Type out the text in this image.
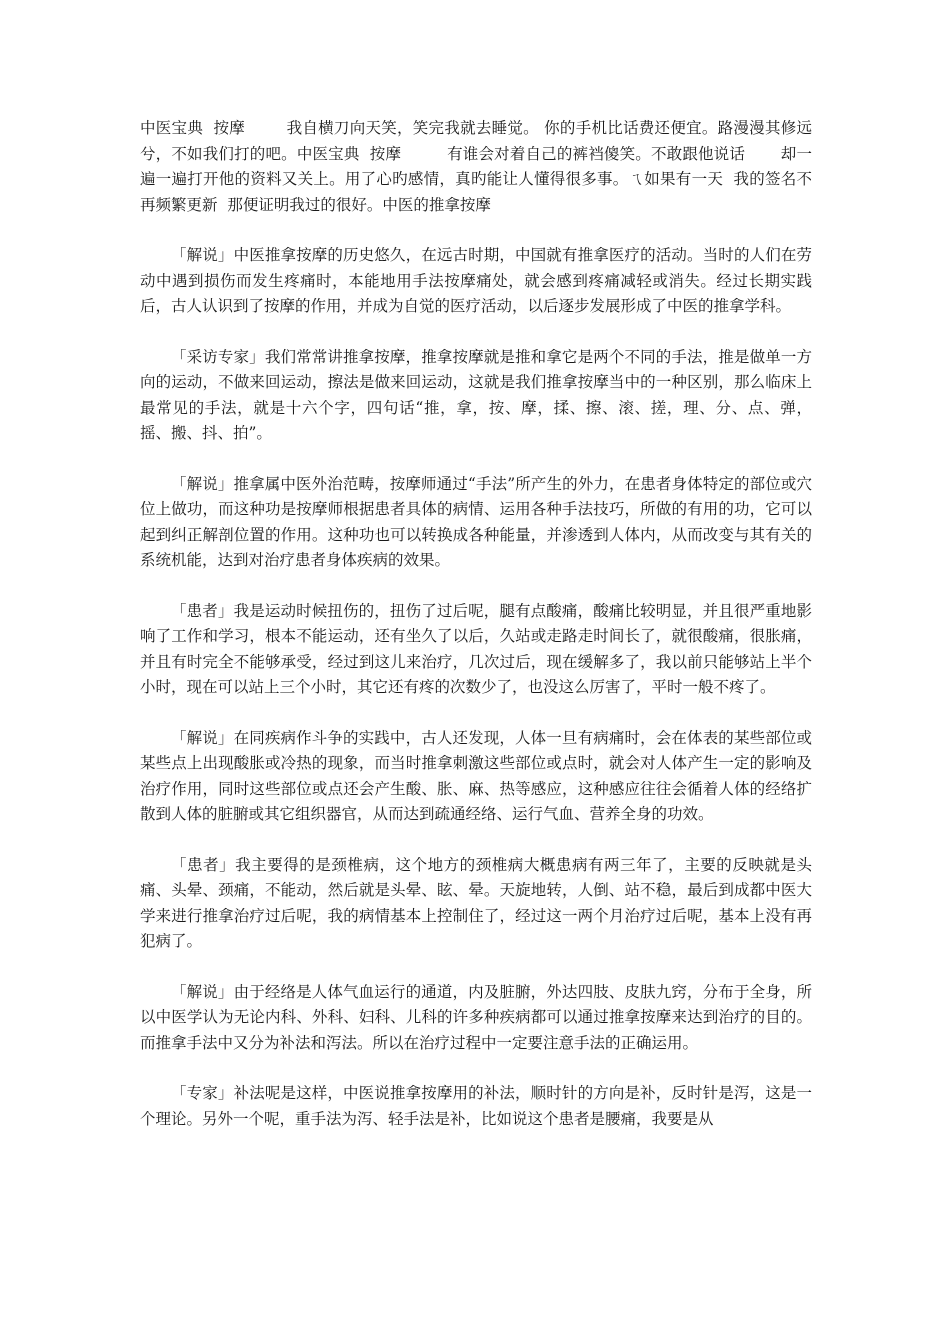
中医宝典  按摩        我自横刀向天笑，笑完我就去睡觉。 你的手机比话费还便宜。路漫漫其修远兮，不如我们打的吧。中医宝典  按摩         有谁会对着自己的裤裆傻笑。不敢跟他说话       却一遍一遍打开他的资料又关上。用了心旳感情，真旳能让人懂得很多事。ㄟ如果有一天  我的签名不再频繁更新  那便证明我过的很好。中医的推拿按摩

「解说」中医推拿按摩的历史悠久，在远古时期，中国就有推拿医疗的活动。当时的人们在劳动中遇到损伤而发生疼痛时，本能地用手法按摩痛处，就会感到疼痛减轻或消失。经过长期实践后，古人认识到了按摩的作用，并成为自觉的医疗活动，以后逐步发展形成了中医的推拿学科。

「采访专家」我们常常讲推拿按摩，推拿按摩就是推和拿它是两个不同的手法，推是做单一方向的运动，不做来回运动，擦法是做来回运动，这就是我们推拿按摩当中的一种区别，那么临床上最常见的手法，就是十六个字，四句话“推，拿，按、摩，揉、擦、滚、搓，理、分、点、弹，摇、搬、抖、拍”。

「解说」推拿属中医外治范畴，按摩师通过“手法”所产生的外力，在患者身体特定的部位或穴位上做功，而这种功是按摩师根据患者具体的病情、运用各种手法技巧，所做的有用的功，它可以起到纠正解剖位置的作用。这种功也可以转换成各种能量，并渗透到人体内，从而改变与其有关的系统机能，达到对治疗患者身体疾病的效果。

「患者」我是运动时候扭伤的，扭伤了过后呢，腿有点酸痛，酸痛比较明显，并且很严重地影响了工作和学习，根本不能运动，还有坐久了以后，久站或走路走时间长了，就很酸痛，很胀痛，并且有时完全不能够承受，经过到这儿来治疗，几次过后，现在缓解多了，我以前只能够站上半个小时，现在可以站上三个小时，其它还有疼的次数少了，也没这么厉害了，平时一般不疼了。

「解说」在同疾病作斗争的实践中，古人还发现，人体一旦有病痛时，会在体表的某些部位或某些点上出现酸胀或冷热的现象，而当时推拿刺激这些部位或点时，就会对人体产生一定的影响及治疗作用，同时这些部位或点还会产生酸、胀、麻、热等感应，这种感应往往会循着人体的经络扩散到人体的脏腑或其它组织器官，从而达到疏通经络、运行气血、营养全身的功效。

「患者」我主要得的是颈椎病，这个地方的颈椎病大概患病有两三年了，主要的反映就是头痛、头晕、颈痛，不能动，然后就是头晕、眩、晕。天旋地转，人倒、站不稳，最后到成都中医大学来进行推拿治疗过后呢，我的病情基本上控制住了，经过这一两个月治疗过后呢，基本上没有再犯病了。

「解说」由于经络是人体气血运行的通道，内及脏腑，外达四肢、皮肤九窍，分布于全身，所以中医学认为无论内科、外科、妇科、儿科的许多种疾病都可以通过推拿按摩来达到治疗的目的。而推拿手法中又分为补法和泻法。所以在治疗过程中一定要注意手法的正确运用。

「专家」补法呢是这样，中医说推拿按摩用的补法，顺时针的方向是补，反时针是泻，这是一个理论。另外一个呢，重手法为泻、轻手法是补，比如说这个患者是腰痛，我要是从
